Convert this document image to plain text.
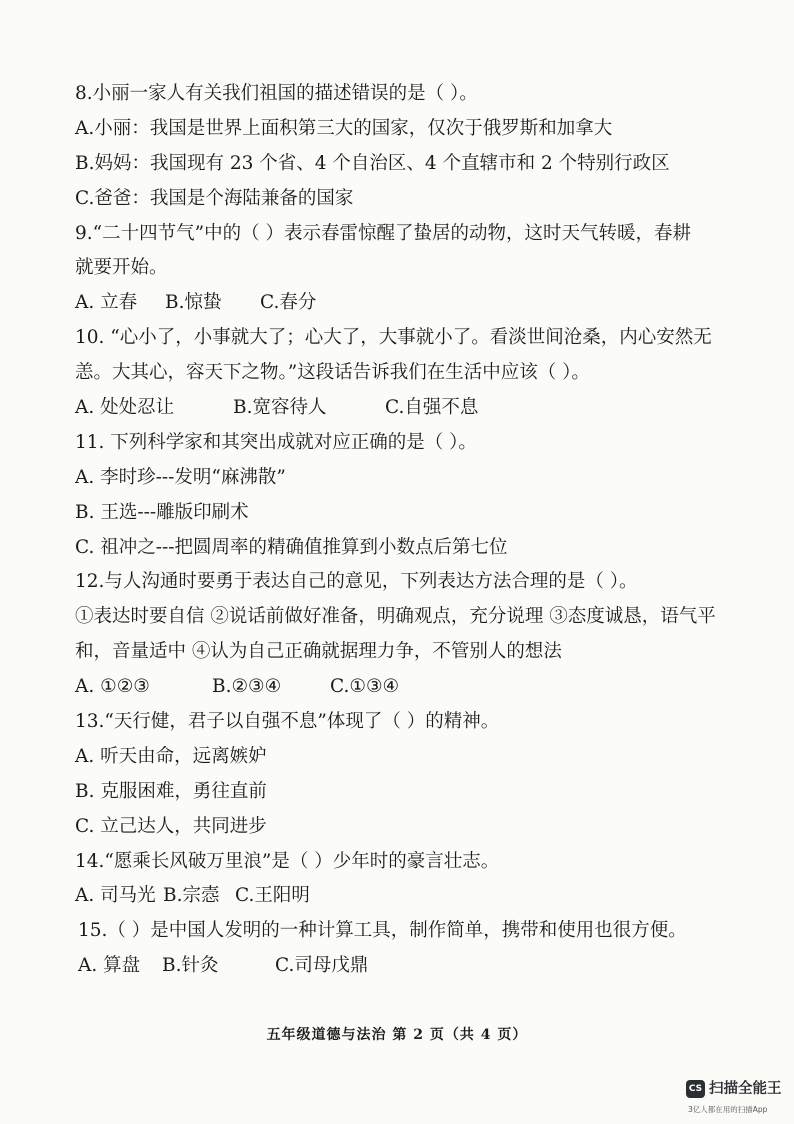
8.小丽一家人有关我们祖国的描述错误的是（ ）。
A.小丽：我国是世界上面积第三大的国家，仅次于俄罗斯和加拿大
B.妈妈：我国现有 23 个省、4 个自治区、4 个直辖市和 2 个特别行政区
C.爸爸：我国是个海陆兼备的国家
9.“二十四节气”中的（ ）表示春雷惊醒了蛰居的动物，这时天气转暖，春耕
就要开始。
A. 立春 B.惊蛰 C.春分
10. “心小了，小事就大了；心大了，大事就小了。看淡世间沧桑，内心安然无
恙。大其心，容天下之物。”这段话告诉我们在生活中应该（ ）。
A. 处处忍让	B.宽容待人	C.自强不息
11. 下列科学家和其突出成就对应正确的是（ ）。
A. 李时珍---发明“麻沸散”
B. 王选---雕版印刷术
C. 祖冲之---把圆周率的精确值推算到小数点后第七位
12.与人沟通时要勇于表达自己的意见，下列表达方法合理的是（ ）。
①表达时要自信 ②说话前做好准备，明确观点，充分说理 ③态度诚恳，语气平
和，音量适中 ④认为自己正确就据理力争，不管别人的想法
A. ①②③	B.②③④	C.①③④
13.“天行健，君子以自强不息”体现了（ ）的精神。
A. 听天由命，远离嫉妒
B. 克服困难，勇往直前
C. 立己达人，共同进步
14.“愿乘长风破万里浪”是（ ）少年时的豪言壮志。
A. 司马光 B.宗悫 C.王阳明
15.（ ）是中国人发明的一种计算工具，制作简单，携带和使用也很方便。
A. 算盘 B.针灸	C.司母戊鼎
五年级道德与法治 第 2 页（共 4 页）
CS 扫描全能王
3亿人都在用的扫描App
